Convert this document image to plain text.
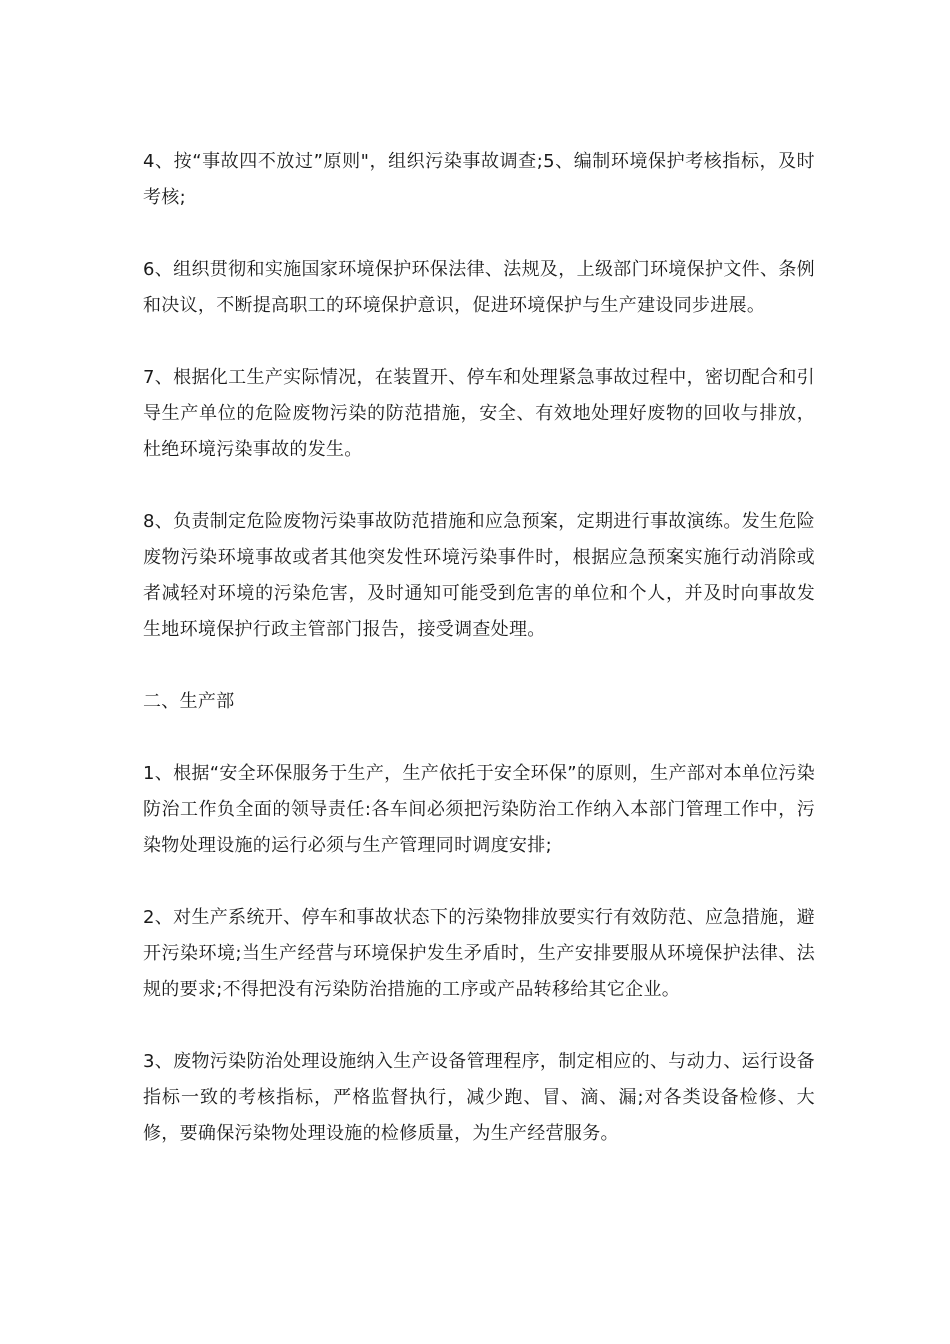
4、按“事故四不放过”原则"，组织污染事故调查;5、编制环境保护考核指标，及时考核;

6、组织贯彻和实施国家环境保护环保法律、法规及，上级部门环境保护文件、条例和决议，不断提高职工的环境保护意识，促进环境保护与生产建设同步进展。

7、根据化工生产实际情况，在装置开、停车和处理紧急事故过程中，密切配合和引导生产单位的危险废物污染的防范措施，安全、有效地处理好废物的回收与排放，杜绝环境污染事故的发生。

8、负责制定危险废物污染事故防范措施和应急预案，定期进行事故演练。发生危险废物污染环境事故或者其他突发性环境污染事件时，根据应急预案实施行动消除或者减轻对环境的污染危害，及时通知可能受到危害的单位和个人，并及时向事故发生地环境保护行政主管部门报告，接受调查处理。

二、生产部

1、根据“安全环保服务于生产，生产依托于安全环保”的原则，生产部对本单位污染防治工作负全面的领导责任:各车间必须把污染防治工作纳入本部门管理工作中，污染物处理设施的运行必须与生产管理同时调度安排;

2、对生产系统开、停车和事故状态下的污染物排放要实行有效防范、应急措施，避开污染环境;当生产经营与环境保护发生矛盾时，生产安排要服从环境保护法律、法规的要求;不得把没有污染防治措施的工序或产品转移给其它企业。

3、废物污染防治处理设施纳入生产设备管理程序，制定相应的、与动力、运行设备指标一致的考核指标，严格监督执行，减少跑、冒、滴、漏;对各类设备检修、大修，要确保污染物处理设施的检修质量，为生产经营服务。
